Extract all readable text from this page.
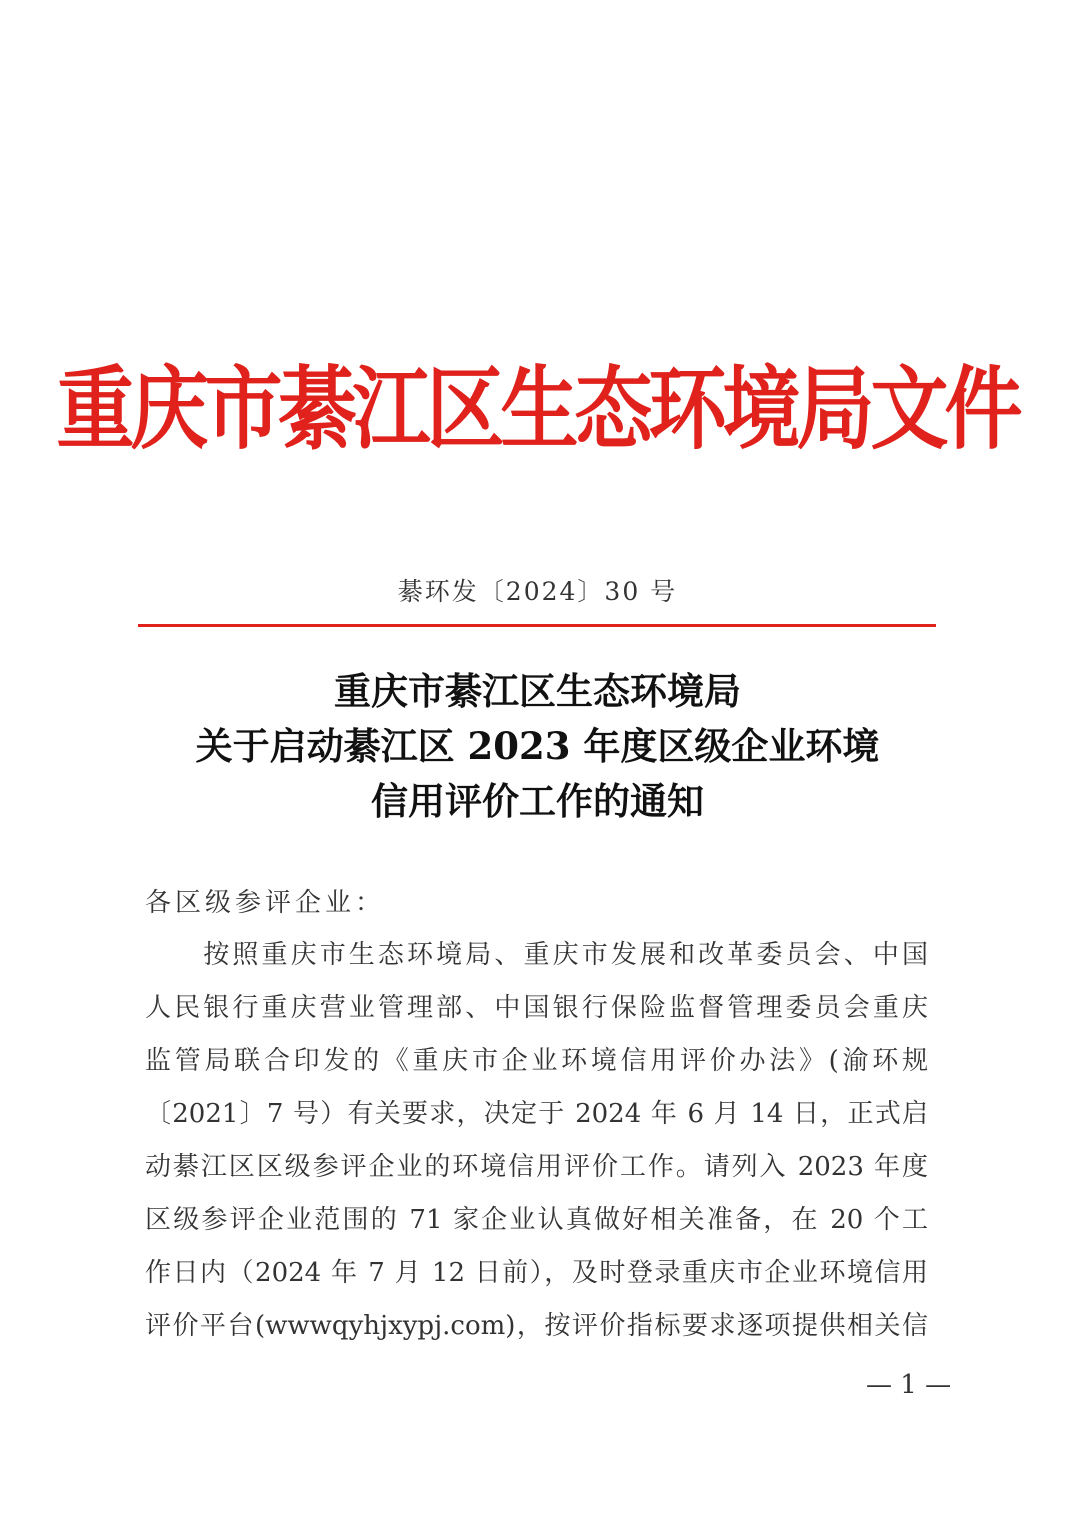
重庆市綦江区生态环境局文件
綦环发〔2024〕30 号
重庆市綦江区生态环境局
关于启动綦江区 2023 年度区级企业环境
信用评价工作的通知
各区级参评企业：
　　按照重庆市生态环境局、重庆市发展和改革委员会、中国
人民银行重庆营业管理部、中国银行保险监督管理委员会重庆
监管局联合印发的《重庆市企业环境信用评价办法》(渝环规
〔2021〕7 号）有关要求，决定于 2024 年 6 月 14 日，正式启
动綦江区区级参评企业的环境信用评价工作。请列入 2023 年度
区级参评企业范围的 71 家企业认真做好相关准备，在 20 个工
作日内（2024 年 7 月 12 日前），及时登录重庆市企业环境信用
评价平台(wwwqyhjxypj.com)，按评价指标要求逐项提供相关信
— 1 —
